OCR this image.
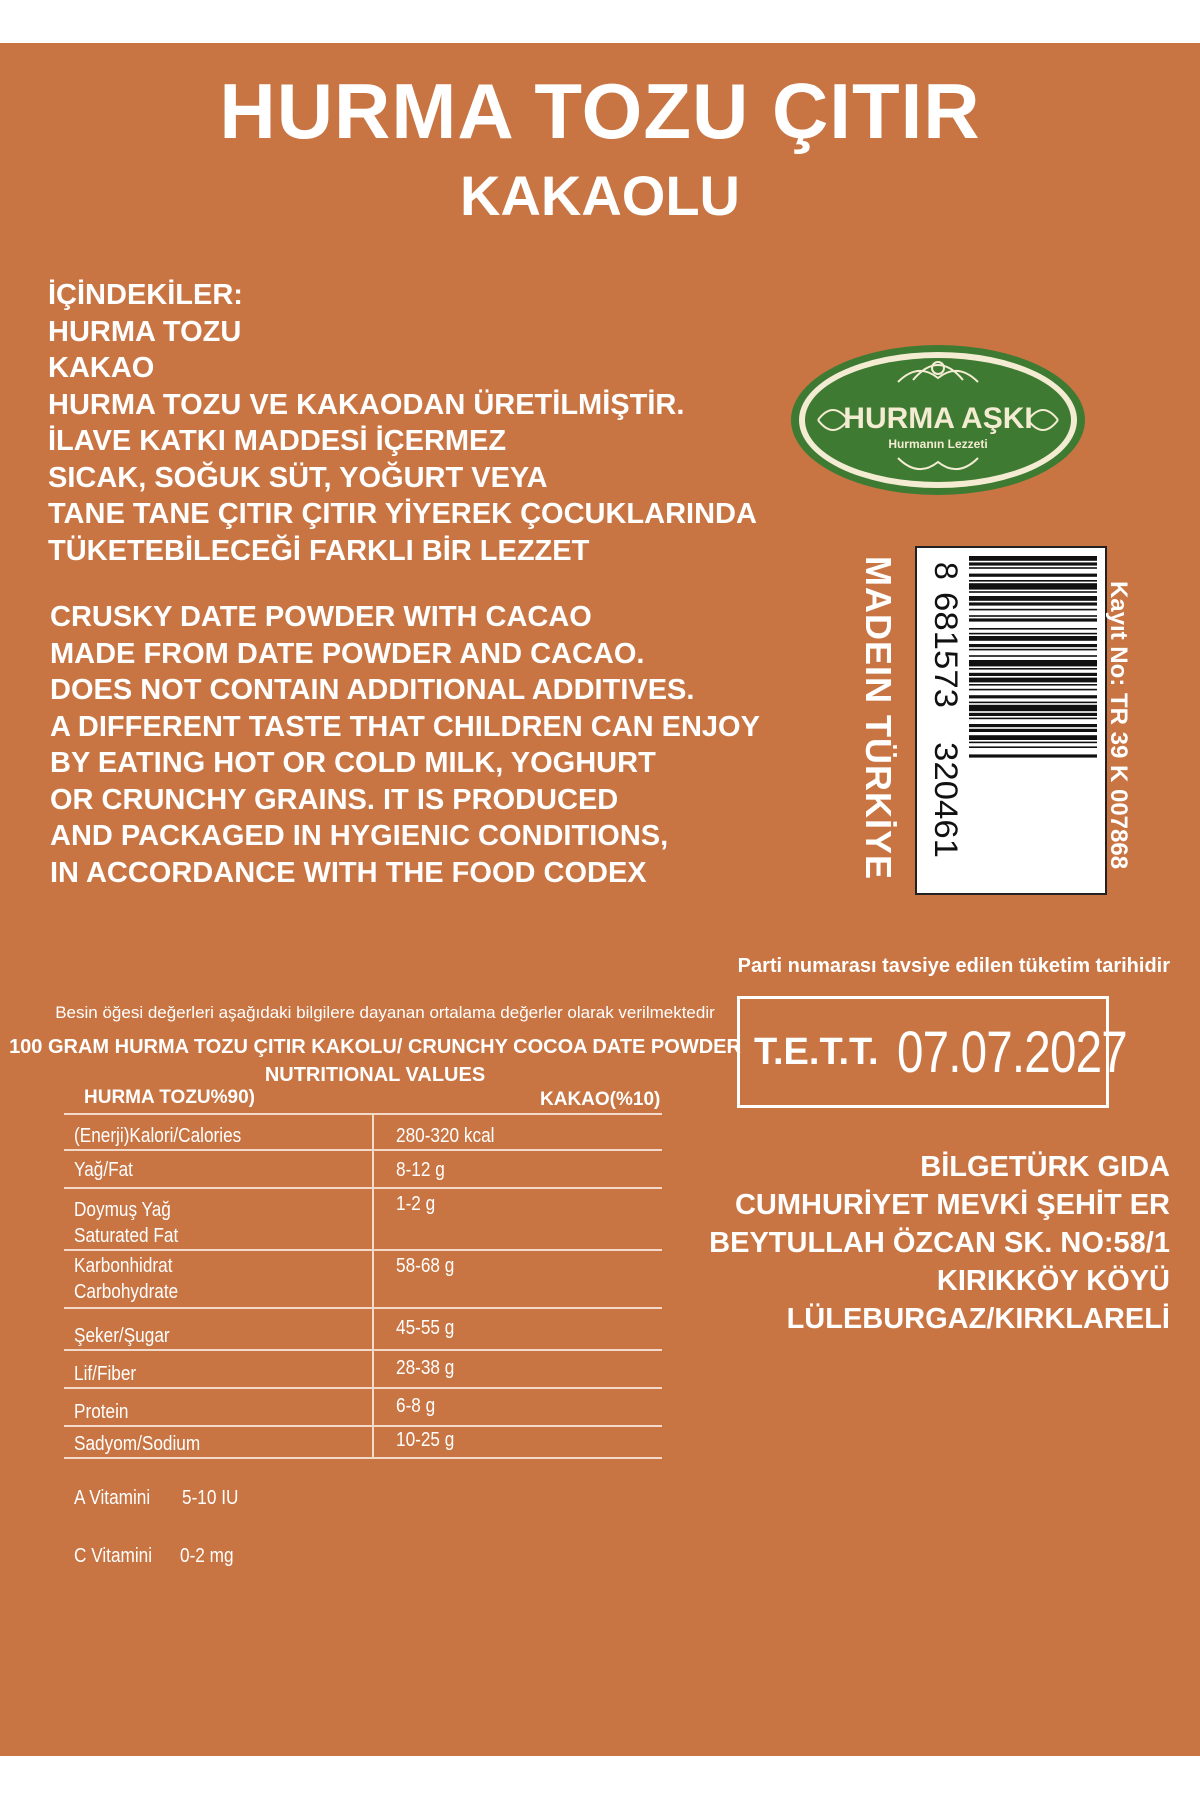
HURMA TOZU ÇITIR
KAKAOLU
İÇİNDEKİLER:
HURMA TOZU
KAKAO
HURMA TOZU VE KAKAODAN ÜRETİLMİŞTİR.
İLAVE KATKI MADDESİ İÇERMEZ
SICAK, SOĞUK SÜT, YOĞURT VEYA
TANE TANE ÇITIR ÇITIR YİYEREK ÇOCUKLARINDA
TÜKETEBİLECEĞİ FARKLI BİR LEZZET
CRUSKY DATE POWDER WITH CACAO
MADE FROM DATE POWDER AND CACAO.
DOES NOT CONTAIN ADDITIONAL ADDITIVES.
A DIFFERENT TASTE THAT CHILDREN CAN ENJOY
BY EATING HOT OR COLD MILK, YOGHURT
OR CRUNCHY GRAINS. IT IS PRODUCED
AND PACKAGED IN HYGIENIC CONDITIONS,
IN ACCORDANCE WITH THE FOOD CODEX
HURMA AŞKI
Hurmanın Lezzeti
8
681573
320461
MADEIN TÜRKİYE	Kayıt No: TR 39 K 007868
Parti numarası tavsiye edilen tüketim tarihidir
T.E.T.T. 07.07.2027
BİLGETÜRK GIDA
CUMHURİYET MEVKİ ŞEHİT ER
BEYTULLAH ÖZCAN SK. NO:58/1
KIRIKKÖY KÖYÜ
LÜLEBURGAZ/KIRKLARELİ
Besin öğesi değerleri aşağıdaki bilgilere dayanan ortalama değerler olarak verilmektedir
100 GRAM HURMA TOZU ÇITIR KAKOLU/ CRUNCHY COCOA DATE POWDER
NUTRITIONAL VALUES
HURMA TOZU%90)	KAKAO(%10)
(Enerji)Kalori/Calories	280-320 kcal
Yağ/Fat	8-12 g
Doymuş Yağ
Saturated Fat	1-2 g
Karbonhidrat
Carbohydrate	58-68 g
Şeker/Şugar	45-55 g
Lif/Fiber	28-38 g
Protein	6-8 g
Sadyom/Sodium	10-25 g
A Vitamini 5-10 IU
C Vitamini 0-2 mg
